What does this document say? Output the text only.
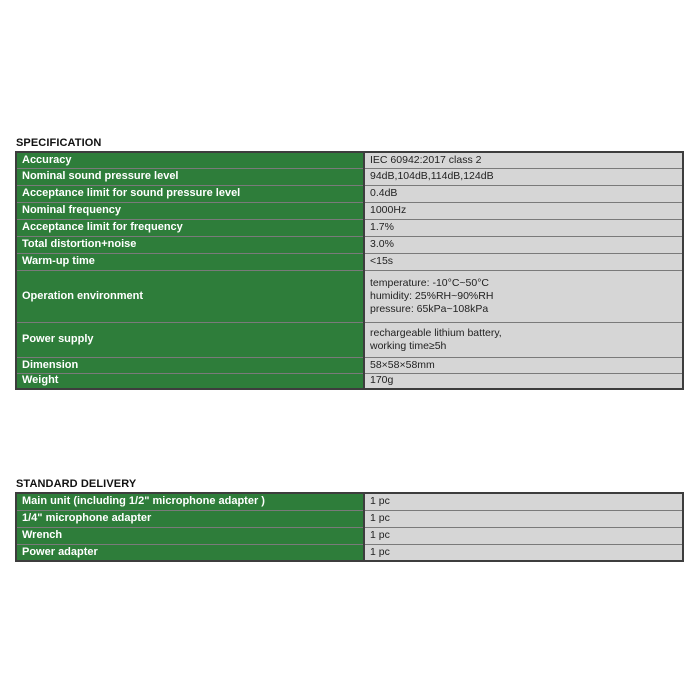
SPECIFICATION
Accuracy	IEC 60942:2017 class 2
Nominal sound pressure level	94dB,104dB,114dB,124dB
Acceptance limit for sound pressure level	0.4dB
Nominal frequency	1000Hz
Acceptance limit for frequency	1.7%
Total distortion+noise	3.0%
Warm-up time	<15s
Operation environment	temperature: -10°C~50°C
humidity: 25%RH~90%RH
pressure: 65kPa~108kPa
Power supply	rechargeable lithium battery,
working time≥5h
Dimension	58×58×58mm
Weight	170g
STANDARD DELIVERY
Main unit (including 1/2" microphone adapter )	1 pc
1/4" microphone adapter	1 pc
Wrench	1 pc
Power adapter	1 pc
